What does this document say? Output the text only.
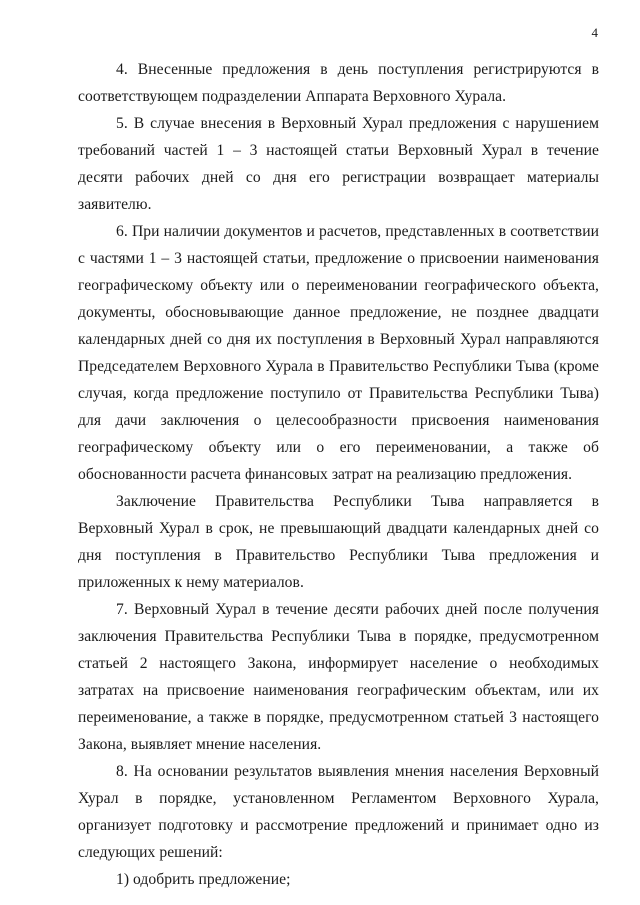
4

4. Внесенные предложения в день поступления регистрируются в соответствующем подразделении Аппарата Верховного Хурала.

5. В случае внесения в Верховный Хурал предложения с нарушением требований частей 1 – 3 настоящей статьи Верховный Хурал в течение десяти рабочих дней со дня его регистрации возвращает материалы заявителю.

6. При наличии документов и расчетов, представленных в соответствии с частями 1 – 3 настоящей статьи, предложение о присвоении наименования географическому объекту или о переименовании географического объекта, документы, обосновывающие данное предложение, не позднее двадцати календарных дней со дня их поступления в Верховный Хурал направляются Председателем Верховного Хурала в Правительство Республики Тыва (кроме случая, когда предложение поступило от Правительства Республики Тыва) для дачи заключения о целесообразности присвоения наименования географическому объекту или о его переименовании, а также об обоснованности расчета финансовых затрат на реализацию предложения.

Заключение Правительства Республики Тыва направляется в Верховный Хурал в срок, не превышающий двадцати календарных дней со дня поступления в Правительство Республики Тыва предложения и приложенных к нему материалов.

7. Верховный Хурал в течение десяти рабочих дней после получения заключения Правительства Республики Тыва в порядке, предусмотренном статьей 2 настоящего Закона, информирует население о необходимых затратах на присвоение наименования географическим объектам, или их переименование, а также в порядке, предусмотренном статьей 3 настоящего Закона, выявляет мнение населения.

8. На основании результатов выявления мнения населения Верховный Хурал в порядке, установленном Регламентом Верховного Хурала, организует подготовку и рассмотрение предложений и принимает одно из следующих решений:

1) одобрить предложение;
